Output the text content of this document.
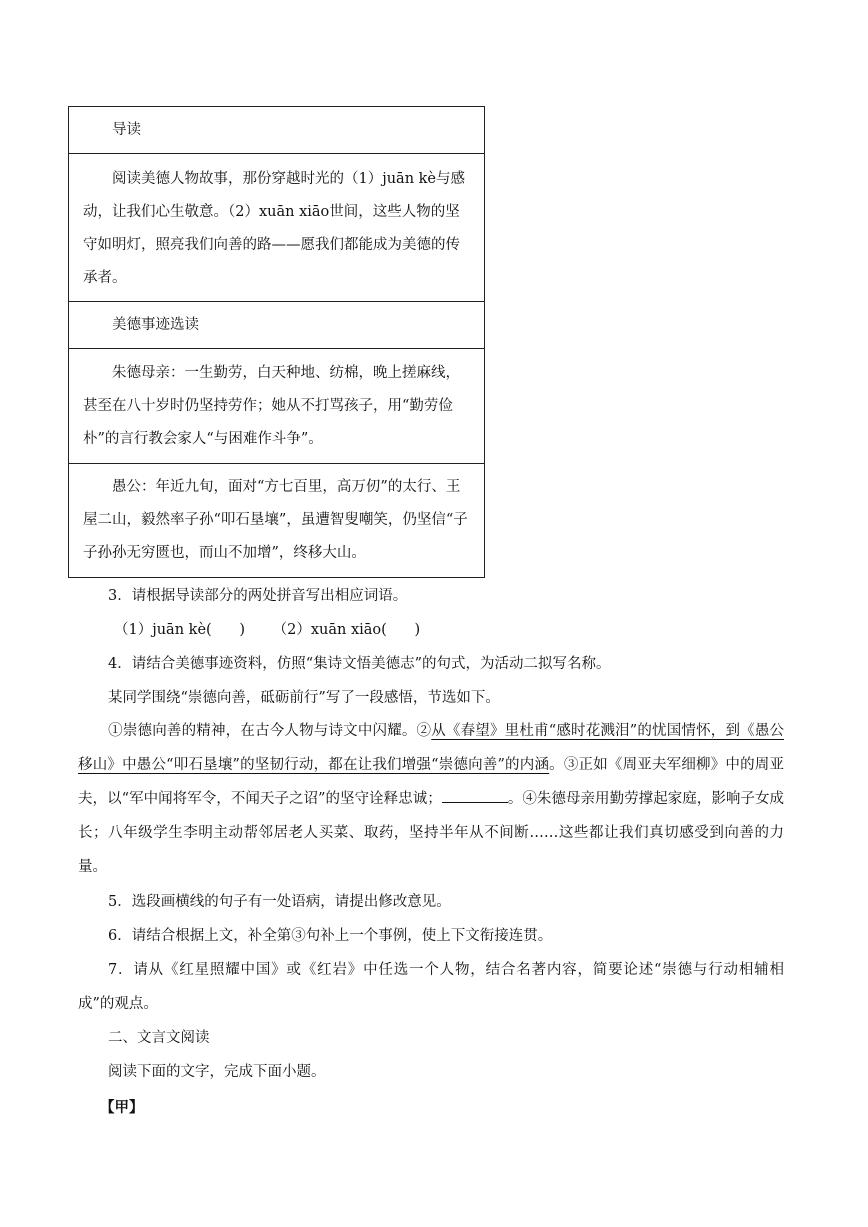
导读

阅读美德人物故事，那份穿越时光的（1）juān kè与感动，让我们心生敬意。（2）xuān xiāo世间，这些人物的坚守如明灯，照亮我们向善的路——愿我们都能成为美德的传承者。

美德事迹选读

朱德母亲：一生勤劳，白天种地、纺棉，晚上搓麻线，甚至在八十岁时仍坚持劳作；她从不打骂孩子，用“勤劳俭朴”的言行教会家人“与困难作斗争”。

愚公：年近九旬，面对“方七百里，高万仞”的太行、王屋二山，毅然率子孙“叩石垦壤”，虽遭智叟嘲笑，仍坚信“子子孙孙无穷匮也，而山不加增”，终移大山。

3．请根据导读部分的两处拼音写出相应词语。
（1）juān kè(      )      （2）xuān xiāo(      )
4．请结合美德事迹资料，仿照“集诗文悟美德志”的句式，为活动二拟写名称。
某同学围绕“崇德向善，砥砺前行”写了一段感悟，节选如下。
①崇德向善的精神，在古今人物与诗文中闪耀。②从《春望》里杜甫“感时花溅泪”的忧国情怀，到《愚公移山》中愚公“叩石垦壤”的坚韧行动，都在让我们增强“崇德向善”的内涵。③正如《周亚夫军细柳》中的周亚夫，以“军中闻将军令，不闻天子之诏”的坚守诠释忠诚；	。④朱德母亲用勤劳撑起家庭，影响子女成长；八年级学生李明主动帮邻居老人买菜、取药，坚持半年从不间断……这些都让我们真切感受到向善的力量。
5．选段画横线的句子有一处语病，请提出修改意见。
6．请结合根据上文，补全第③句补上一个事例，使上下文衔接连贯。
7．请从《红星照耀中国》或《红岩》中任选一个人物，结合名著内容，简要论述“崇德与行动相辅相成”的观点。
二、文言文阅读
阅读下面的文字，完成下面小题。
【甲】
